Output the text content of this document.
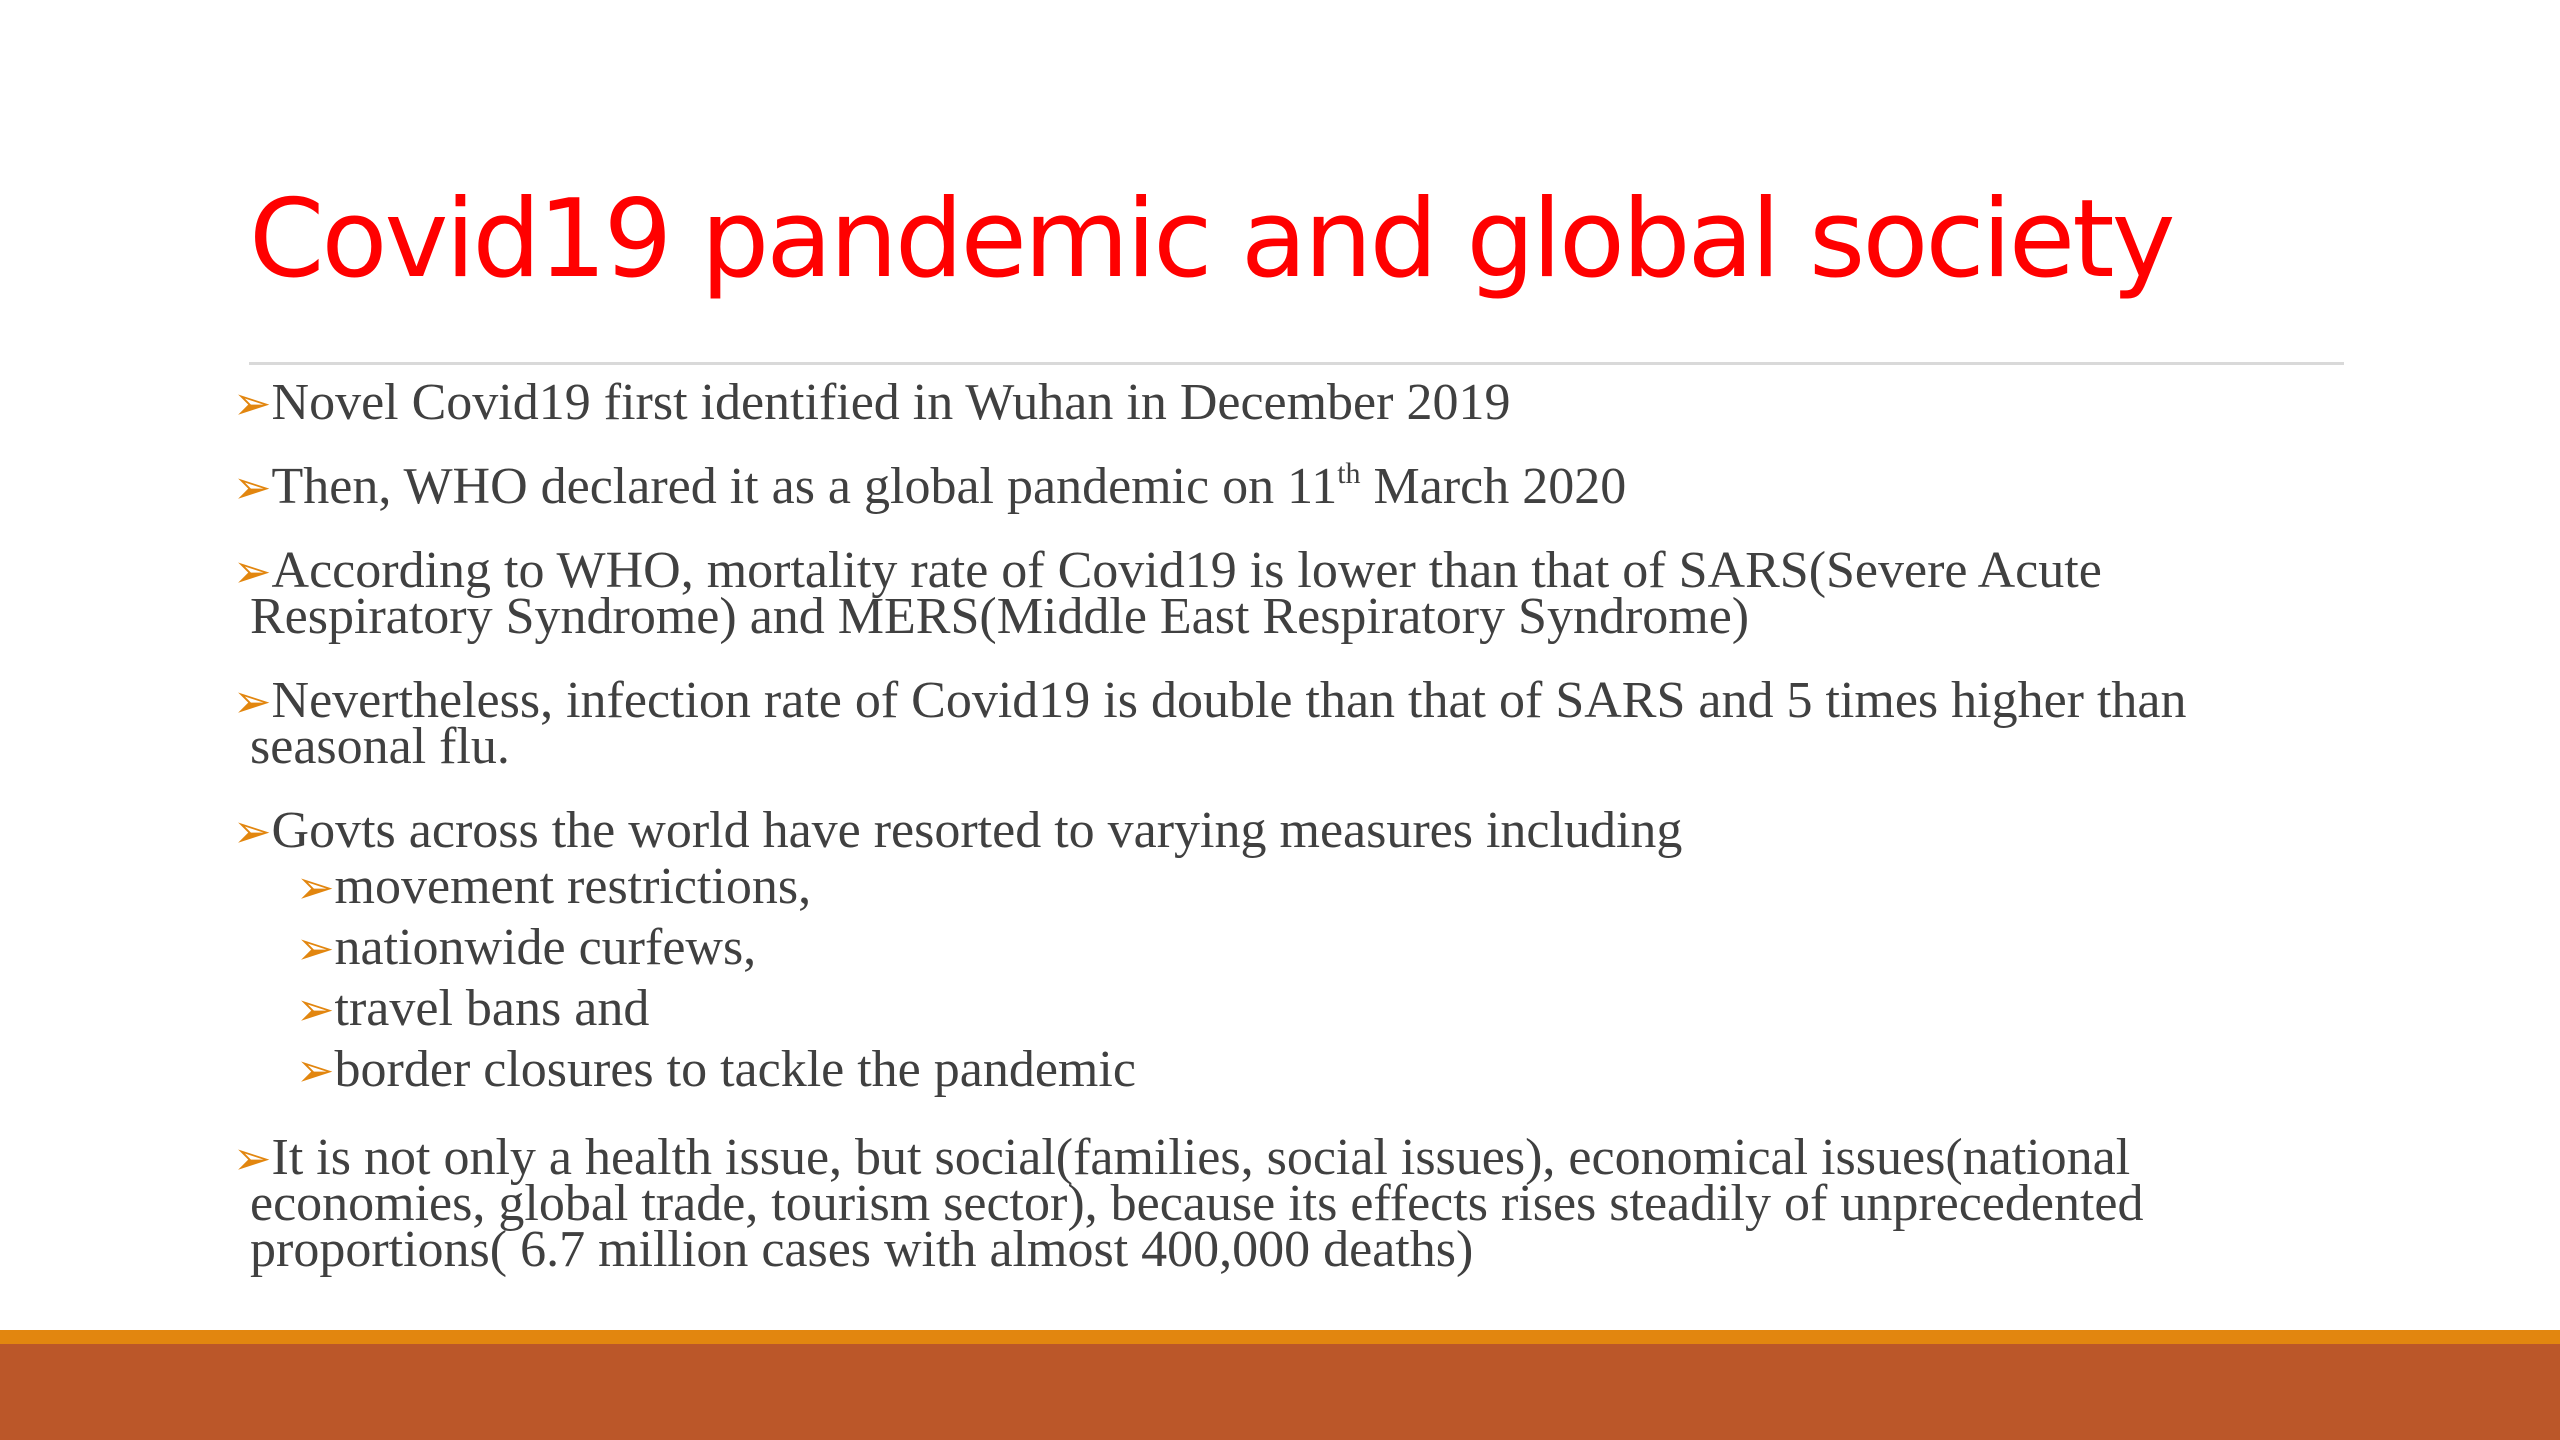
Covid19 pandemic and global society
➢Novel Covid19 first identified in Wuhan in December 2019
➢Then, WHO declared it as a global pandemic on 11th March 2020
➢According to WHO, mortality rate of Covid19 is lower than that of SARS(Severe Acute Respiratory Syndrome) and MERS(Middle East Respiratory Syndrome)
➢Nevertheless, infection rate of Covid19 is double than that of SARS and 5 times higher than seasonal flu.
➢Govts across the world have resorted to varying measures including
➢movement restrictions,
➢nationwide curfews,
➢travel bans and
➢border closures to tackle the pandemic
➢It is not only a health issue, but social(families, social issues), economical issues(national economies, global trade, tourism sector), because its effects rises steadily of unprecedented proportions( 6.7 million cases with almost 400,000 deaths)
